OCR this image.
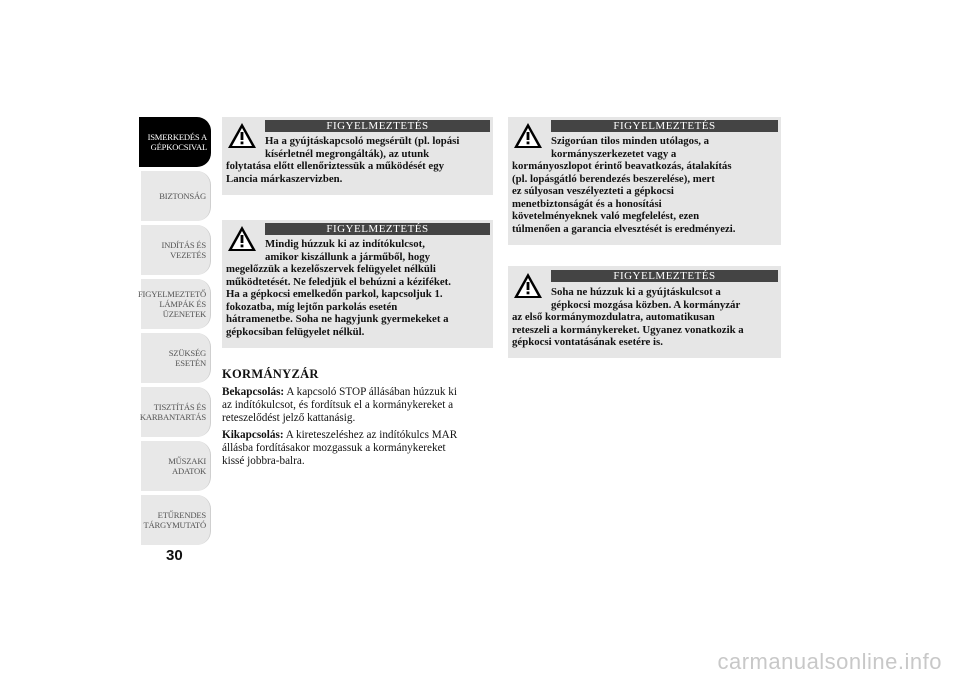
ISMERKEDÉS A
GÉPKOCSIVAL
BIZTONSÁG
INDÍTÁS ÉS
VEZETÉS
FIGYELMEZTETŐ
LÁMPÁK ÉS
ÜZENETEK
SZÜKSÉG ESETÉN
TISZTÍTÁS ÉS
KARBANTARTÁS
MŰSZAKI ADATOK
ETŰRENDES
TÁRGYMUTATÓ
30
FIGYELMEZTETÉS
Ha a gyújtáskapcsoló megsérült (pl. lopási
kísérletnél megrongálták), az utunk
folytatása előtt ellenőriztessük a működését egy
Lancia márkaszervizben.
FIGYELMEZTETÉS
Mindig húzzuk ki az indítókulcsot,
amikor kiszállunk a járműből, hogy
megelőzzük a kezelőszervek felügyelet nélküli
működtetését. Ne feledjük el behúzni a kéziféket.
Ha a gépkocsi emelkedőn parkol, kapcsoljuk 1.
fokozatba, míg lejtőn parkolás esetén
hátramenetbe. Soha ne hagyjunk gyermekeket a
gépkocsiban felügyelet nélkül.
KORMÁNYZÁR
Bekapcsolás: A kapcsoló STOP állásában húzzuk ki
az indítókulcsot, és fordítsuk el a kormánykereket a
reteszelődést jelző kattanásig.
Kikapcsolás: A kireteszeléshez az indítókulcs MAR
állásba fordításakor mozgassuk a kormánykereket
kissé jobbra-balra.
FIGYELMEZTETÉS
Szigorúan tilos minden utólagos, a
kormányszerkezetet vagy a
kormányoszlopot érintő beavatkozás, átalakítás
(pl. lopásgátló berendezés beszerelése), mert
ez súlyosan veszélyezteti a gépkocsi
menetbiztonságát és a honosítási
követelményeknek való megfelelést, ezen
túlmenően a garancia elvesztését is eredményezi.
FIGYELMEZTETÉS
Soha ne húzzuk ki a gyújtáskulcsot a
gépkocsi mozgása közben. A kormányzár
az első kormánymozdulatra, automatikusan
reteszeli a kormánykereket. Ugyanez vonatkozik a
gépkocsi vontatásának esetére is.
carmanualsonline.info
